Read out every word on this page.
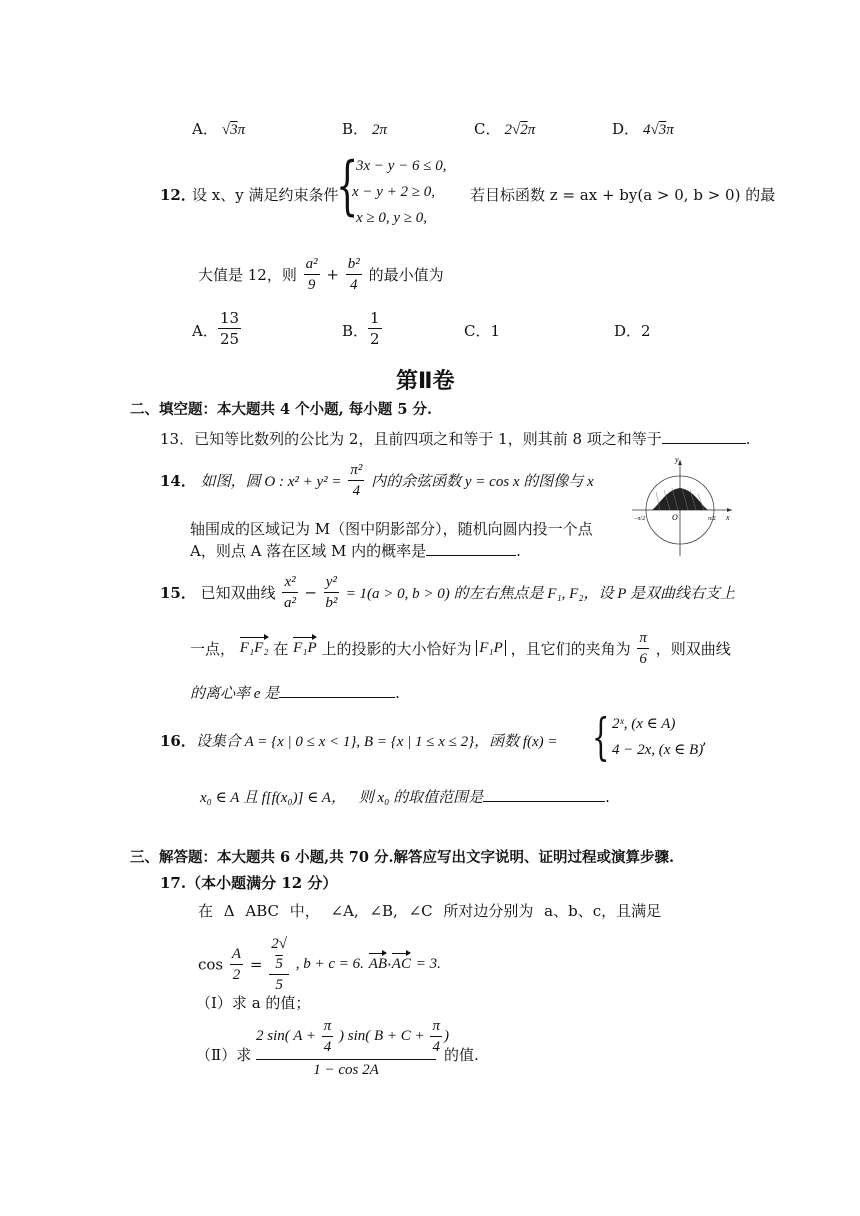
A． √3π	B． 2π	C． 2√2π	D． 4√3π
12．
设 x、y 满足约束条件
{
3x − y − 6 ≤ 0,
x − y + 2 ≥ 0,
x ≥ 0, y ≥ 0,
若目标函数 z = ax + by(a > 0, b > 0) 的最
大值是 12，则 $\frac{\text{a²}}{9} + \frac{\text{b²}}{4}$ 的最小值为
A． $\frac{13}{25}$	B． $\frac{1}{2}$	C．1	D．2
第Ⅱ卷
二、填空题：本大题共 4 个小题, 每小题 5 分.
13．已知等比数列的公比为 2，且前四项之和等于 1，则其前 8 项之和等于	.
14． 如图，圆 O : $x^2 + y^2 = \frac{\text{π²}}{4}$ 内的余弦函数 y = cos x 的图像与 x
轴围成的区域记为 M（图中阴影部分），随机向圆内投一个点
A，则点 A 落在区域 M 内的概率是	.
y
x
O
−π/2	π/2
15． 已知双曲线 $\frac{\text{x²}}{\text{a²}} - \frac{\text{y²}}{\text{b²}} = 1(a > 0$, b > 0) 的左右焦点是 F₁, F₂，设 P 是双曲线右支上
一点， F₁F₂ 在 F₁P 上的投影的大小恰好为 F₁P ，且它们的夹角为 $\frac{\pi}{6}$ ，则双曲线
的离心率 e 是	.
16．设集合 A = {x | 0 ≤ x < 1}, B = {x | 1 ≤ x ≤ 2}，函数 f(x) = { 2ˣ, (x ∈ A)
4 − 2x, (x ∈ B)
,
x₀ ∈ A 且 f[f(x₀)] ∈ A， 则 x₀ 的取值范围是	.
三、解答题：本大题共 6 小题,共 70 分.解答应写出文字说明、证明过程或演算步骤.
17.（本小题满分 12 分）
在 Δ ABC 中， ∠A, ∠B, ∠C 所对边分别为 a、b、c，且满足
$\cos \frac{A}{2} = 2√$
5
5 , b + c = 6. AB·AC = 3.
（Ⅰ）求 a 的值；
（Ⅱ）求
2 sin( $A + \frac{\pi}{4}$ ) sin( $B + C + \frac{\pi}{4}$ )
1 − cos 2A
的值.
